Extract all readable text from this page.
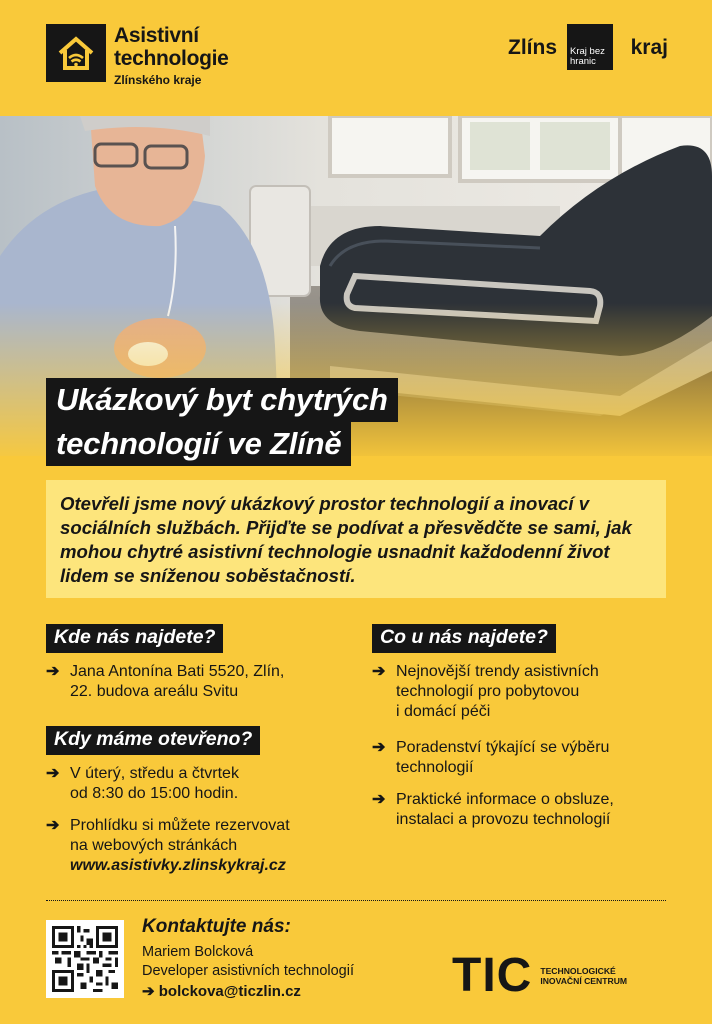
Asistivní
technologie
Zlínského kraje
Zlíns	Kraj bez hranic
kraj
Ukázkový byt chytrých
technologií ve Zlíně
Otevřeli jsme nový ukázkový prostor technologií a inovací v sociálních službách. Přijďte se podívat a přesvědčte se sami, jak mohou chytré asistivní technologie usnadnit každodenní život lidem se sníženou soběstačností.
Kde nás najdete?
➔ Jana Antonína Bati 5520, Zlín,
22. budova areálu Svitu
Kdy máme otevřeno?
➔ V úterý, středu a čtvrtek
od 8:30 do 15:00 hodin.
➔ Prohlídku si můžete rezervovat
na webových stránkách
www.asistivky.zlinskykraj.cz
Co u nás najdete?
➔ Nejnovější trendy asistivních
technologií pro pobytovou
i domácí péči
➔ Poradenství týkající se výběru
technologií
➔ Praktické informace o obsluze,
instalaci a provozu technologií
Kontaktujte nás:
Mariem Bolcková
Developer asistivních technologií
➔ bolckova@ticzlin.cz	TIC TECHNOLOGICKÉ
INOVAČNÍ CENTRUM
